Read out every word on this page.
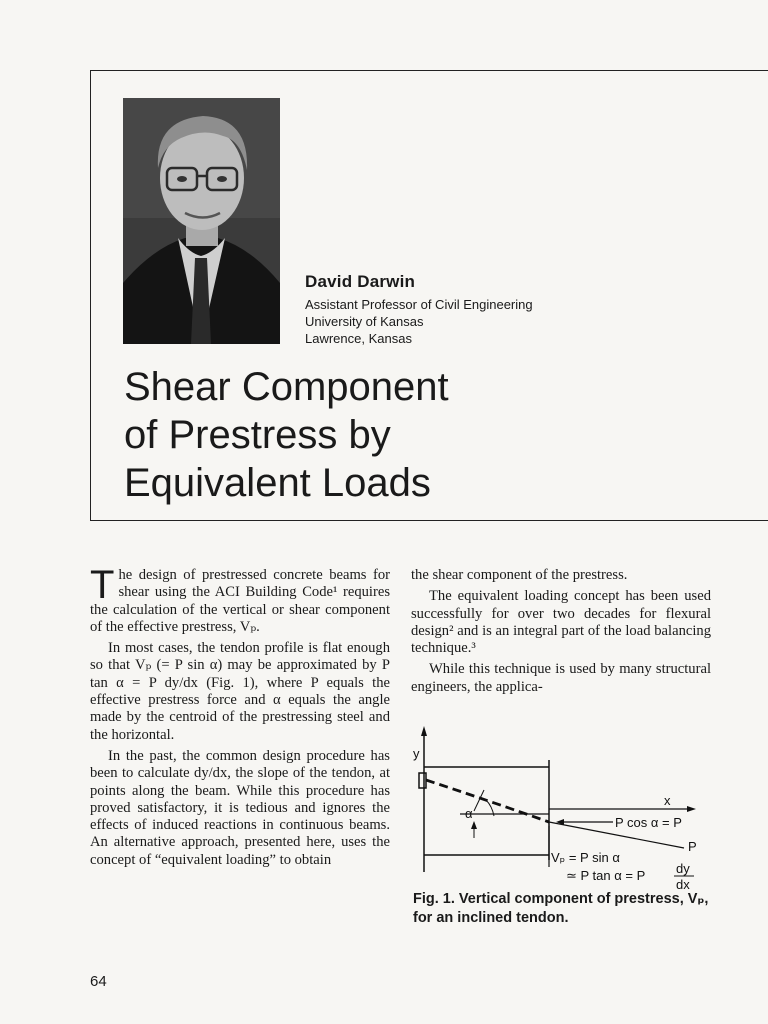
David Darwin

Assistant Professor of Civil Engineering

University of Kansas

Lawrence, Kansas

Shear Component
of Prestress by
Equivalent Loads

The design of prestressed concrete beams for shear using the ACI Building Code¹ requires the calculation of the vertical or shear component of the effective prestress, Vₚ.

In most cases, the tendon profile is flat enough so that Vₚ (= P sin α) may be approximated by P tan α = P dy/dx (Fig. 1), where P equals the effective prestress force and α equals the angle made by the centroid of the prestressing steel and the horizontal.

In the past, the common design procedure has been to calculate dy/dx, the slope of the tendon, at points along the beam. While this procedure has proved satisfactory, it is tedious and ignores the effects of induced reactions in continuous beams. An alternative approach, presented here, uses the concept of “equivalent loading” to obtain

the shear component of the prestress.

The equivalent loading concept has been used successfully for over two decades for flexural design² and is an integral part of the load balancing technique.³

While this technique is used by many structural engineers, the applica-

y
x
α
P cos α = P
P
Vₚ = P sin α
≃ P tan α = P dy
dx

Fig. 1. Vertical component of prestress, Vₚ, for an inclined tendon.

64
